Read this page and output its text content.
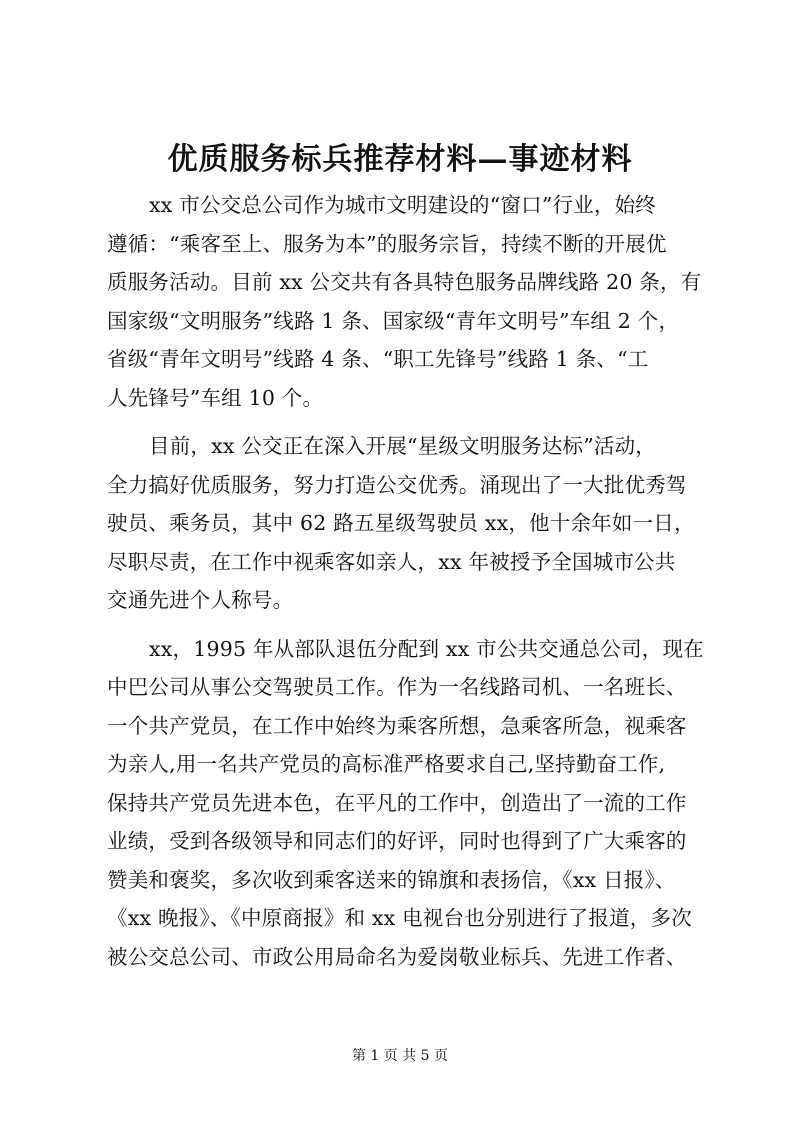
优质服务标兵推荐材料—事迹材料
xx 市公交总公司作为城市文明建设的“窗口”行业，始终
遵循：“乘客至上、服务为本”的服务宗旨，持续不断的开展优
质服务活动。目前 xx 公交共有各具特色服务品牌线路 20 条，有
国家级“文明服务”线路 1 条、国家级“青年文明号”车组 2 个，
省级“青年文明号”线路 4 条、“职工先锋号”线路 1 条、“工
人先锋号”车组 10 个。
目前，xx 公交正在深入开展“星级文明服务达标”活动，
全力搞好优质服务，努力打造公交优秀。涌现出了一大批优秀驾
驶员、乘务员，其中 62 路五星级驾驶员 xx，他十余年如一日，
尽职尽责，在工作中视乘客如亲人，xx 年被授予全国城市公共
交通先进个人称号。
xx，1995 年从部队退伍分配到 xx 市公共交通总公司，现在
中巴公司从事公交驾驶员工作。作为一名线路司机、一名班长、
一个共产党员，在工作中始终为乘客所想，急乘客所急，视乘客
为亲人,用一名共产党员的高标准严格要求自己,坚持勤奋工作,
保持共产党员先进本色，在平凡的工作中，创造出了一流的工作
业绩，受到各级领导和同志们的好评，同时也得到了广大乘客的
赞美和褒奖，多次收到乘客送来的锦旗和表扬信，《xx 日报》、
《xx 晚报》、《中原商报》和 xx 电视台也分别进行了报道，多次
被公交总公司、市政公用局命名为爱岗敬业标兵、先进工作者、
第 1 页 共 5 页
